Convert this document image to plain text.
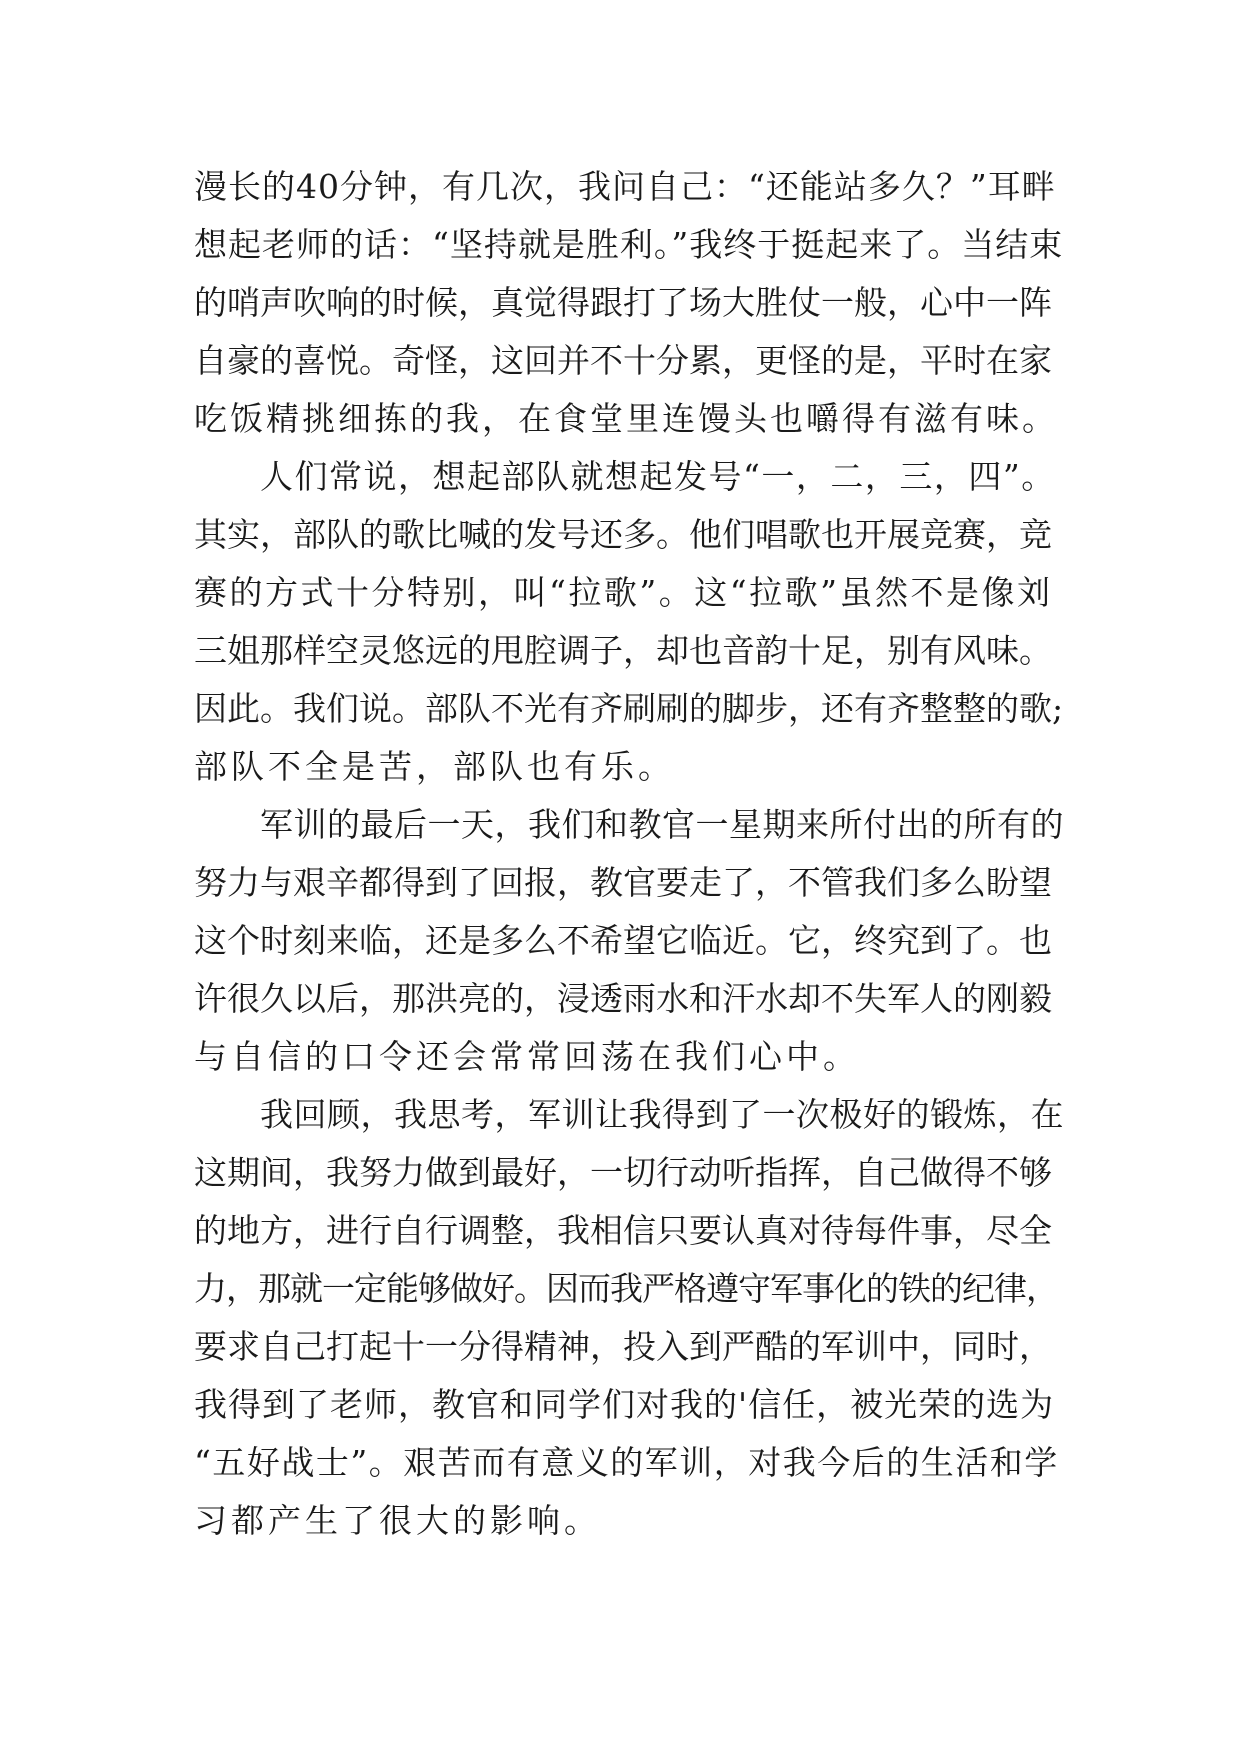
漫长的40分钟，有几次，我问自己：“还能站多久？”耳畔
想起老师的话：“坚持就是胜利。”我终于挺起来了。当结束
的哨声吹响的时候，真觉得跟打了场大胜仗一般，心中一阵
自豪的喜悦。奇怪，这回并不十分累，更怪的是，平时在家
吃饭精挑细拣的我，在食堂里连馒头也嚼得有滋有味。
人们常说，想起部队就想起发号“一，二，三，四”。
其实，部队的歌比喊的发号还多。他们唱歌也开展竞赛，竞
赛的方式十分特别，叫“拉歌”。这“拉歌”虽然不是像刘
三姐那样空灵悠远的甩腔调子，却也音韵十足，别有风味。
因此。我们说。部队不光有齐刷刷的脚步，还有齐整整的歌;
部队不全是苦，部队也有乐。
军训的最后一天，我们和教官一星期来所付出的所有的
努力与艰辛都得到了回报，教官要走了，不管我们多么盼望
这个时刻来临，还是多么不希望它临近。它，终究到了。也
许很久以后，那洪亮的，浸透雨水和汗水却不失军人的刚毅
与自信的口令还会常常回荡在我们心中。
我回顾，我思考，军训让我得到了一次极好的锻炼，在
这期间，我努力做到最好，一切行动听指挥，自己做得不够
的地方，进行自行调整，我相信只要认真对待每件事，尽全
力，那就一定能够做好。因而我严格遵守军事化的铁的纪律，
要求自己打起十一分得精神，投入到严酷的军训中，同时，
我得到了老师，教官和同学们对我的'信任，被光荣的选为
“五好战士”。艰苦而有意义的军训，对我今后的生活和学
习都产生了很大的影响。
